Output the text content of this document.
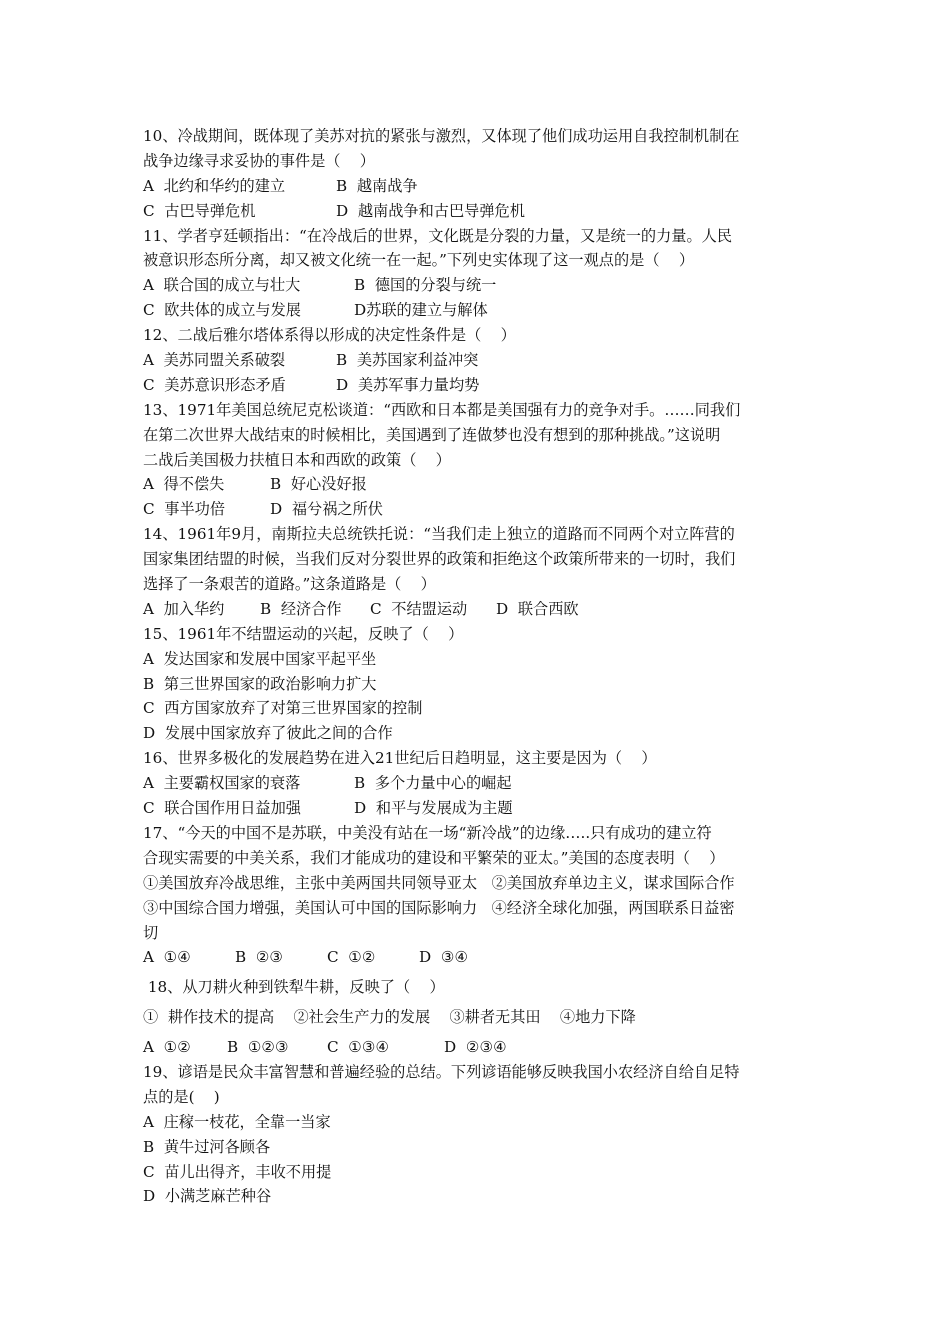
10、冷战期间，既体现了美苏对抗的紧张与激烈，又体现了他们成功运用自我控制机制在
战争边缘寻求妥协的事件是（    ）
A  北约和华约的建立	B  越南战争
C  古巴导弹危机	D  越南战争和古巴导弹危机
11、学者亨廷顿指出：“在冷战后的世界，文化既是分裂的力量，又是统一的力量。人民
被意识形态所分离，却又被文化统一在一起。”下列史实体现了这一观点的是（    ）
A  联合国的成立与壮大	B  德国的分裂与统一
C  欧共体的成立与发展	D苏联的建立与解体
12、二战后雅尔塔体系得以形成的决定性条件是（    ）
A  美苏同盟关系破裂	B  美苏国家利益冲突
C  美苏意识形态矛盾	D  美苏军事力量均势
13、1971年美国总统尼克松谈道：“西欧和日本都是美国强有力的竞争对手。……同我们
在第二次世界大战结束的时候相比，美国遇到了连做梦也没有想到的那种挑战。”这说明
二战后美国极力扶植日本和西欧的政策（    ）
A  得不偿失	B  好心没好报
C  事半功倍	D  福兮祸之所伏
14、1961年9月，南斯拉夫总统铁托说：“当我们走上独立的道路而不同两个对立阵营的
国家集团结盟的时候，当我们反对分裂世界的政策和拒绝这个政策所带来的一切时，我们
选择了一条艰苦的道路。”这条道路是（    ）
A  加入华约 B  经济合作 C  不结盟运动 D  联合西欧
15、1961年不结盟运动的兴起，反映了（    ）
A  发达国家和发展中国家平起平坐
B  第三世界国家的政治影响力扩大
C  西方国家放弃了对第三世界国家的控制
D  发展中国家放弃了彼此之间的合作
16、世界多极化的发展趋势在进入21世纪后日趋明显，这主要是因为（    ）
A  主要霸权国家的衰落	B  多个力量中心的崛起
C  联合国作用日益加强	D  和平与发展成为主题
17、“今天的中国不是苏联，中美没有站在一场“新冷战”的边缘…..只有成功的建立符
合现实需要的中美关系，我们才能成功的建设和平繁荣的亚太。”美国的态度表明（    ）
①美国放弃冷战思维，主张中美两国共同领导亚太   ②美国放弃单边主义，谋求国际合作
③中国综合国力增强，美国认可中国的国际影响力   ④经济全球化加强，两国联系日益密
切
A  ①④	B  ②③	C  ①②	D  ③④
18、从刀耕火种到铁犁牛耕，反映了（    ）
①  耕作技术的提高    ②社会生产力的发展    ③耕者无其田    ④地力下降
A  ①② B  ①②③	C  ①③④	D  ②③④
19、谚语是民众丰富智慧和普遍经验的总结。下列谚语能够反映我国小农经济自给自足特
点的是(    )
A  庄稼一枝花，全靠一当家
B  黄牛过河各顾各
C  苗儿出得齐，丰收不用提
D  小满芝麻芒种谷
